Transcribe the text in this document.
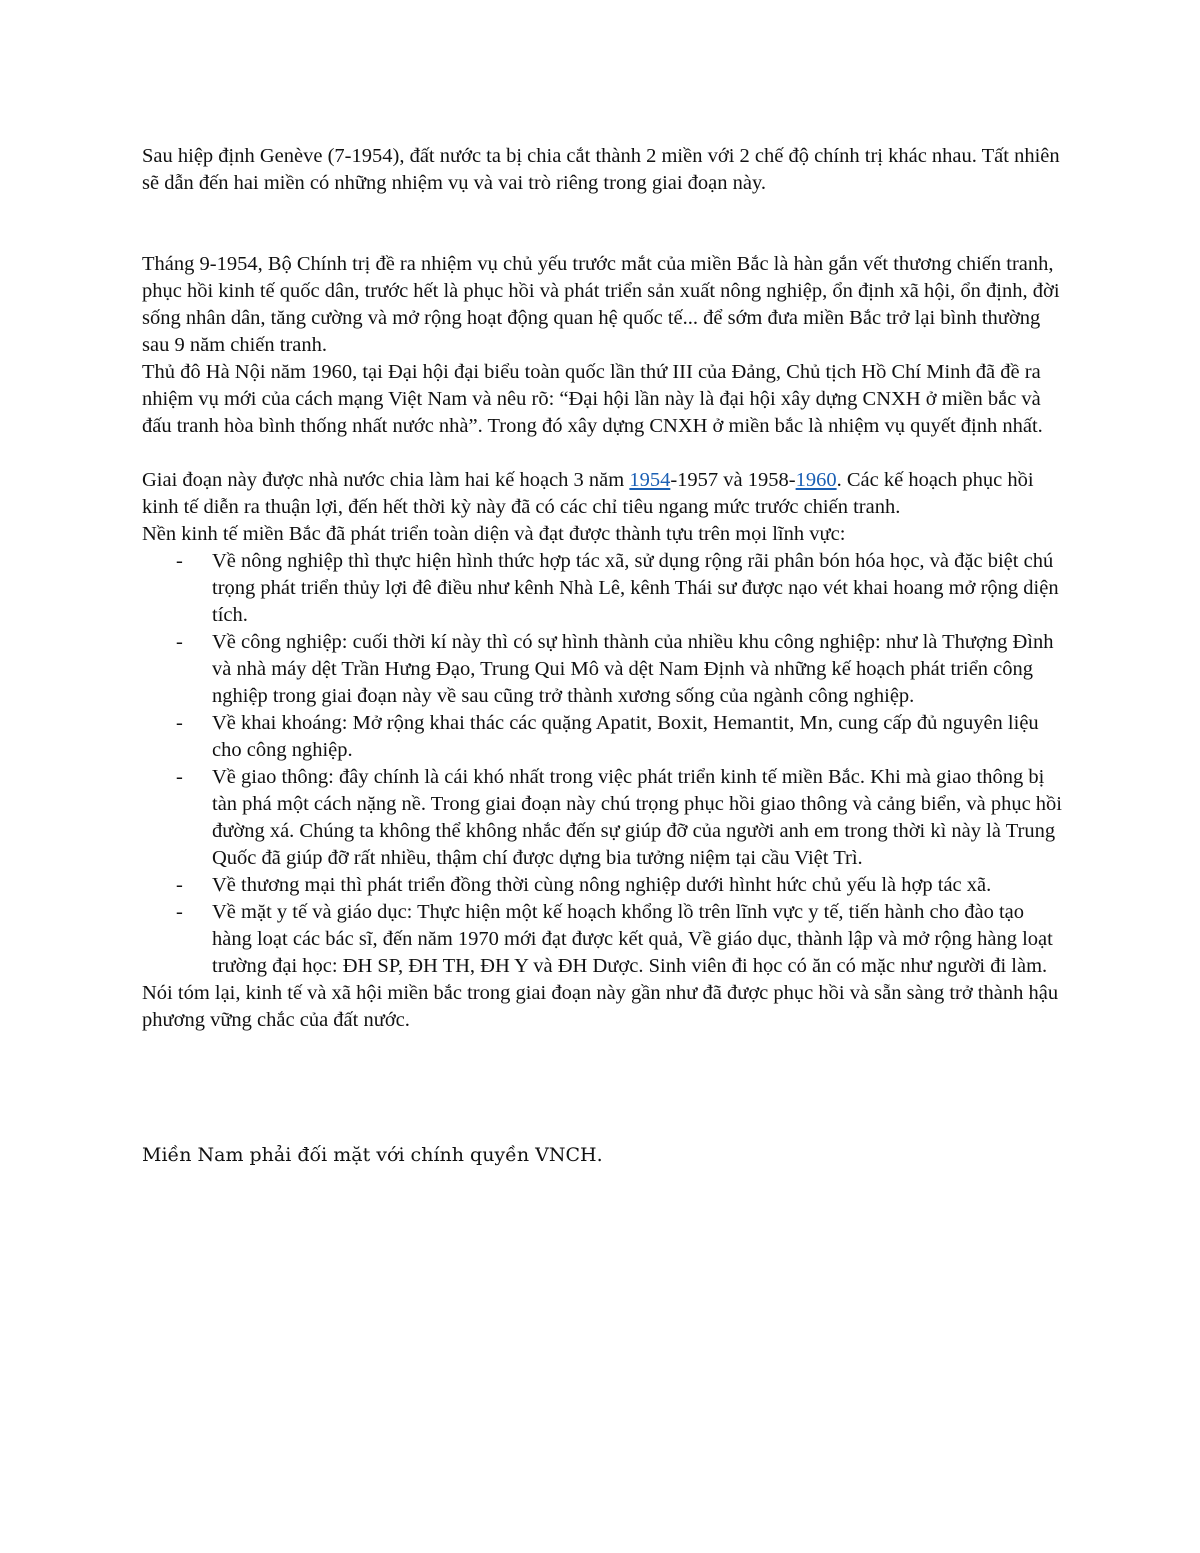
Sau hiệp định Genève (7-1954), đất nước ta bị chia cắt thành 2 miền với 2 chế độ chính trị khác nhau. Tất nhiên sẽ dẫn đến hai miền có những nhiệm vụ và vai trò riêng trong giai đoạn này.

Tháng 9-1954, Bộ Chính trị đề ra nhiệm vụ chủ yếu trước mắt của miền Bắc là hàn gắn vết thương chiến tranh, phục hồi kinh tế quốc dân, trước hết là phục hồi và phát triển sản xuất nông nghiệp, ổn định xã hội, ổn định, đời sống nhân dân, tăng cường và mở rộng hoạt động quan hệ quốc tế... để sớm đưa miền Bắc trở lại bình thường sau 9 năm chiến tranh.

Thủ đô Hà Nội năm 1960, tại Đại hội đại biểu toàn quốc lần thứ III của Đảng, Chủ tịch Hồ Chí Minh đã đề ra nhiệm vụ mới của cách mạng Việt Nam và nêu rõ: “Đại hội lần này là đại hội xây dựng CNXH ở miền bắc và đấu tranh hòa bình thống nhất nước nhà”. Trong đó xây dựng CNXH ở miền bắc là nhiệm vụ quyết định nhất.

Giai đoạn này được nhà nước chia làm hai kế hoạch 3 năm 1954-1957 và 1958-1960. Các kế hoạch phục hồi kinh tế diễn ra thuận lợi, đến hết thời kỳ này đã có các chỉ tiêu ngang mức trước chiến tranh.

Nền kinh tế miền Bắc đã phát triển toàn diện và đạt được thành tựu trên mọi lĩnh vực:

- Về nông nghiệp thì thực hiện hình thức hợp tác xã, sử dụng rộng rãi phân bón hóa học, và đặc biệt chú trọng phát triển thủy lợi đê điều như kênh Nhà Lê, kênh Thái sư được nạo vét khai hoang mở rộng diện tích.
- Về công nghiệp: cuối thời kí này thì có sự hình thành của nhiều khu công nghiệp: như là Thượng Đình và nhà máy dệt Trần Hưng Đạo, Trung Qui Mô và dệt Nam Định và những kế hoạch phát triển công nghiệp trong giai đoạn này về sau cũng trở thành xương sống của ngành công nghiệp.
- Về khai khoáng: Mở rộng khai thác các quặng Apatit, Boxit, Hemantit, Mn, cung cấp đủ nguyên liệu cho công nghiệp.
- Về giao thông: đây chính là cái khó nhất trong việc phát triển kinh tế miền Bắc. Khi mà giao thông bị tàn phá một cách nặng nề. Trong giai đoạn này chú trọng phục hồi giao thông và cảng biển, và phục hồi đường xá. Chúng ta không thể không nhắc đến sự giúp đỡ của người anh em trong thời kì này là Trung Quốc đã giúp đỡ rất nhiều, thậm chí được dựng bia tưởng niệm tại cầu Việt Trì.
- Về thương mại thì phát triển đồng thời cùng nông nghiệp dưới hìnht hức chủ yếu là hợp tác xã.
- Về mặt y tế và giáo dục: Thực hiện một kế hoạch khổng lồ trên lĩnh vực y tế, tiến hành cho đào tạo hàng loạt các bác sĩ, đến năm 1970 mới đạt được kết quả, Về giáo dục, thành lập và mở rộng hàng loạt trường đại học: ĐH SP, ĐH TH, ĐH Y và ĐH Dược. Sinh viên đi học có ăn có mặc như người đi làm.

Nói tóm lại, kinh tế và xã hội miền bắc trong giai đoạn này gần như đã được phục hồi và sẵn sàng trở thành hậu phương vững chắc của đất nước.

Miền Nam phải đối mặt với chính quyền VNCH.
